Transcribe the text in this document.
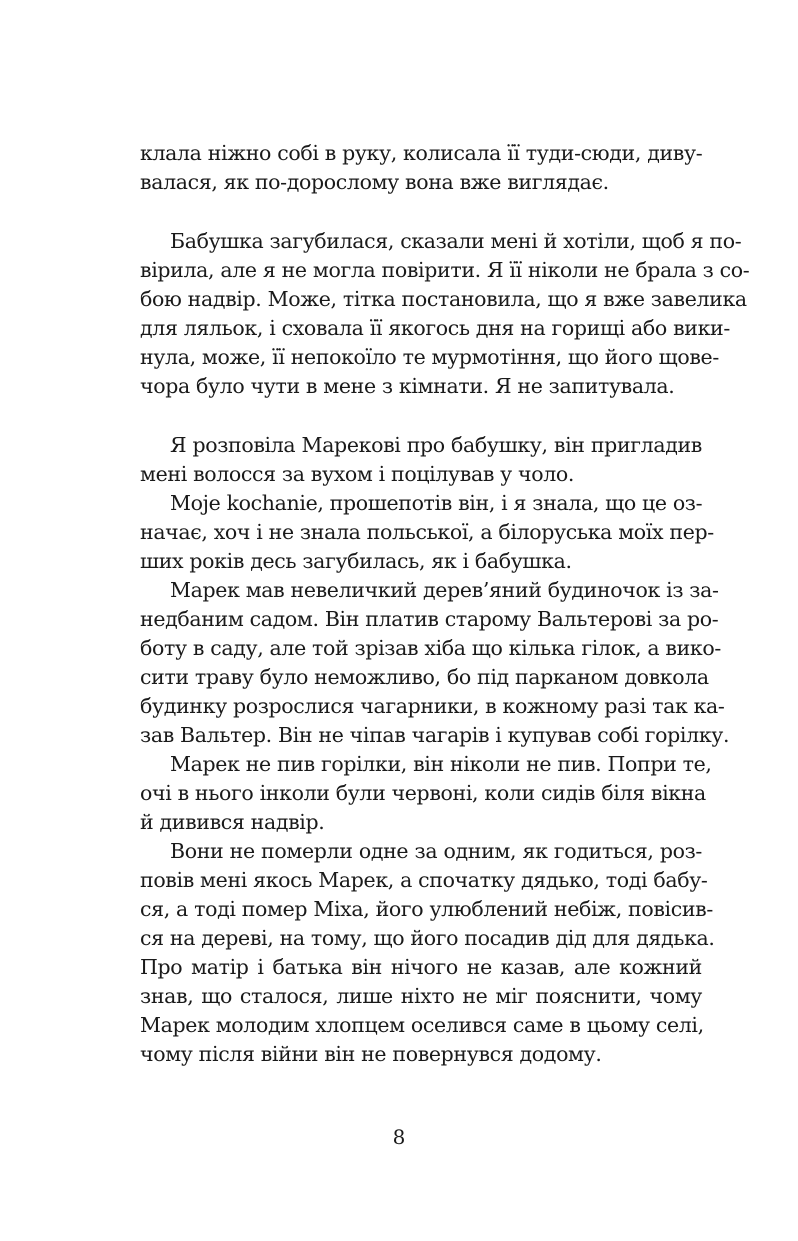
клала ніжно собі в руку, колисала її туди-сюди, диву-
валася, як по-дорослому вона вже виглядає.
Бабушка загубилася, сказали мені й хотіли, щоб я по-
вірила, але я не могла повірити. Я її ніколи не брала з со-
бою надвір. Може, тітка постановила, що я вже завелика
для ляльок, і сховала її якогось дня на горищі або вики-
нула, може, її непокоїло те мурмотіння, що його щове-
чора було чути в мене з кімнати. Я не запитувала.
Я розповіла Марекові про бабушку, він пригладив
мені волосся за вухом і поцілував у чоло.
Moje kochanie, прошепотів він, і я знала, що це оз-
начає, хоч і не знала польської, а білоруська моїх пер-
ших років десь загубилась, як і бабушка.
Марек мав невеличкий дерев’яний будиночок із за-
недбаним садом. Він платив старому Вальтерові за ро-
боту в саду, але той зрізав хіба що кілька гілок, а вико-
сити траву було неможливо, бо під парканом довкола
будинку розрослися чагарники, в кожному разі так ка-
зав Вальтер. Він не чіпав чагарів і купував собі горілку.
Марек не пив горілки, він ніколи не пив. Попри те,
очі в нього інколи були червоні, коли сидів біля вікна
й дивився надвір.
Вони не померли одне за одним, як годиться, роз-
повів мені якось Марек, а спочатку дядько, тоді бабу-
ся, а тоді помер Міха, його улюблений небіж, повісив-
ся на дереві, на тому, що його посадив дід для дядька.
Про матір і батька він нічого не казав, але кожний
знав, що сталося, лише ніхто не міг пояснити, чому
Марек молодим хлопцем оселився саме в цьому селі,
чому після війни він не повернувся додому.
8
